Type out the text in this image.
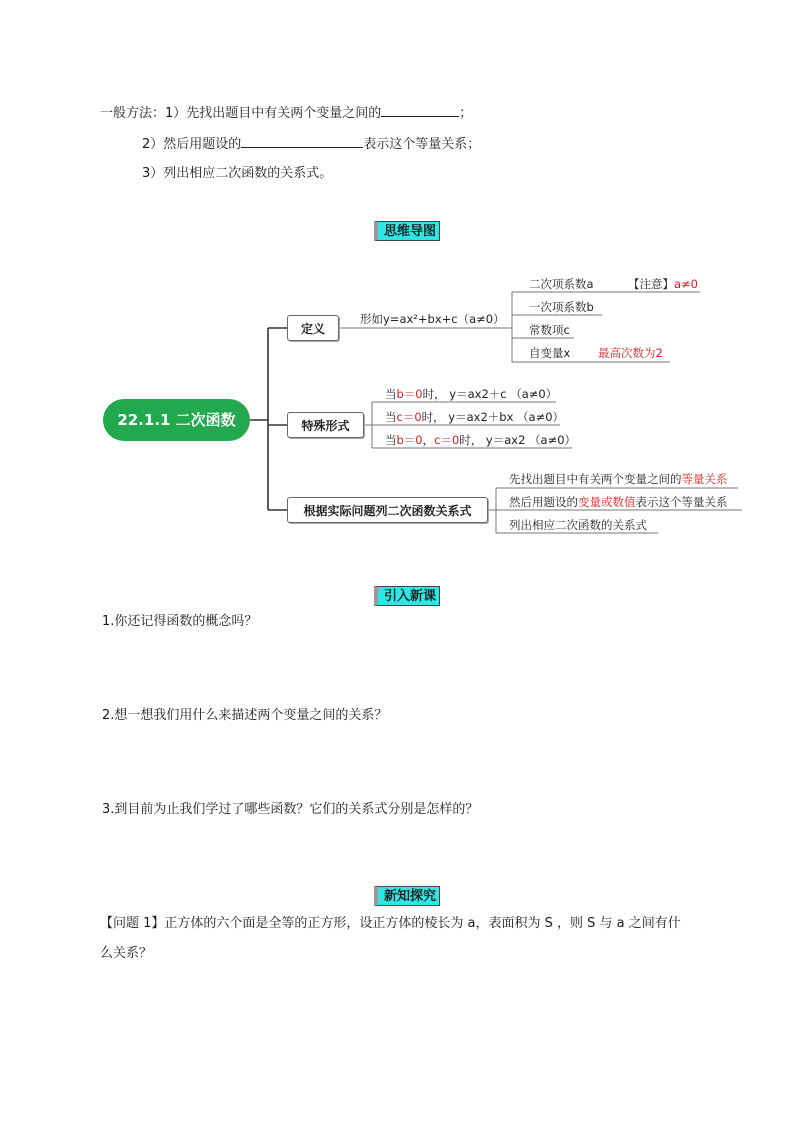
一般方法：1）先找出题目中有关两个变量之间的	；
2）然后用题设的	表示这个等量关系；
3）列出相应二次函数的关系式。
思维导图
22.1.1 二次函数
定义
特殊形式
根据实际问题列二次函数关系式
形如y=ax²+bx+c（a≠0）
二次项系数a	【注意】a≠0
一次项系数b
常数项c
自变量x 最高次数为2
当b＝0时， y＝ax2＋c （a≠0）
当c＝0时， y＝ax2＋bx （a≠0）
当b＝0，c＝0时， y＝ax2 （a≠0）
先找出题目中有关两个变量之间的等量关系
然后用题设的变量或数值表示这个等量关系
列出相应二次函数的关系式
引入新课
1.你还记得函数的概念吗？
2.想一想我们用什么来描述两个变量之间的关系？
3.到目前为止我们学过了哪些函数？它们的关系式分别是怎样的？
新知探究
【问题 1】正方体的六个面是全等的正方形，设正方体的棱长为 a，表面积为 S ，则 S 与 a 之间有什
么关系？
